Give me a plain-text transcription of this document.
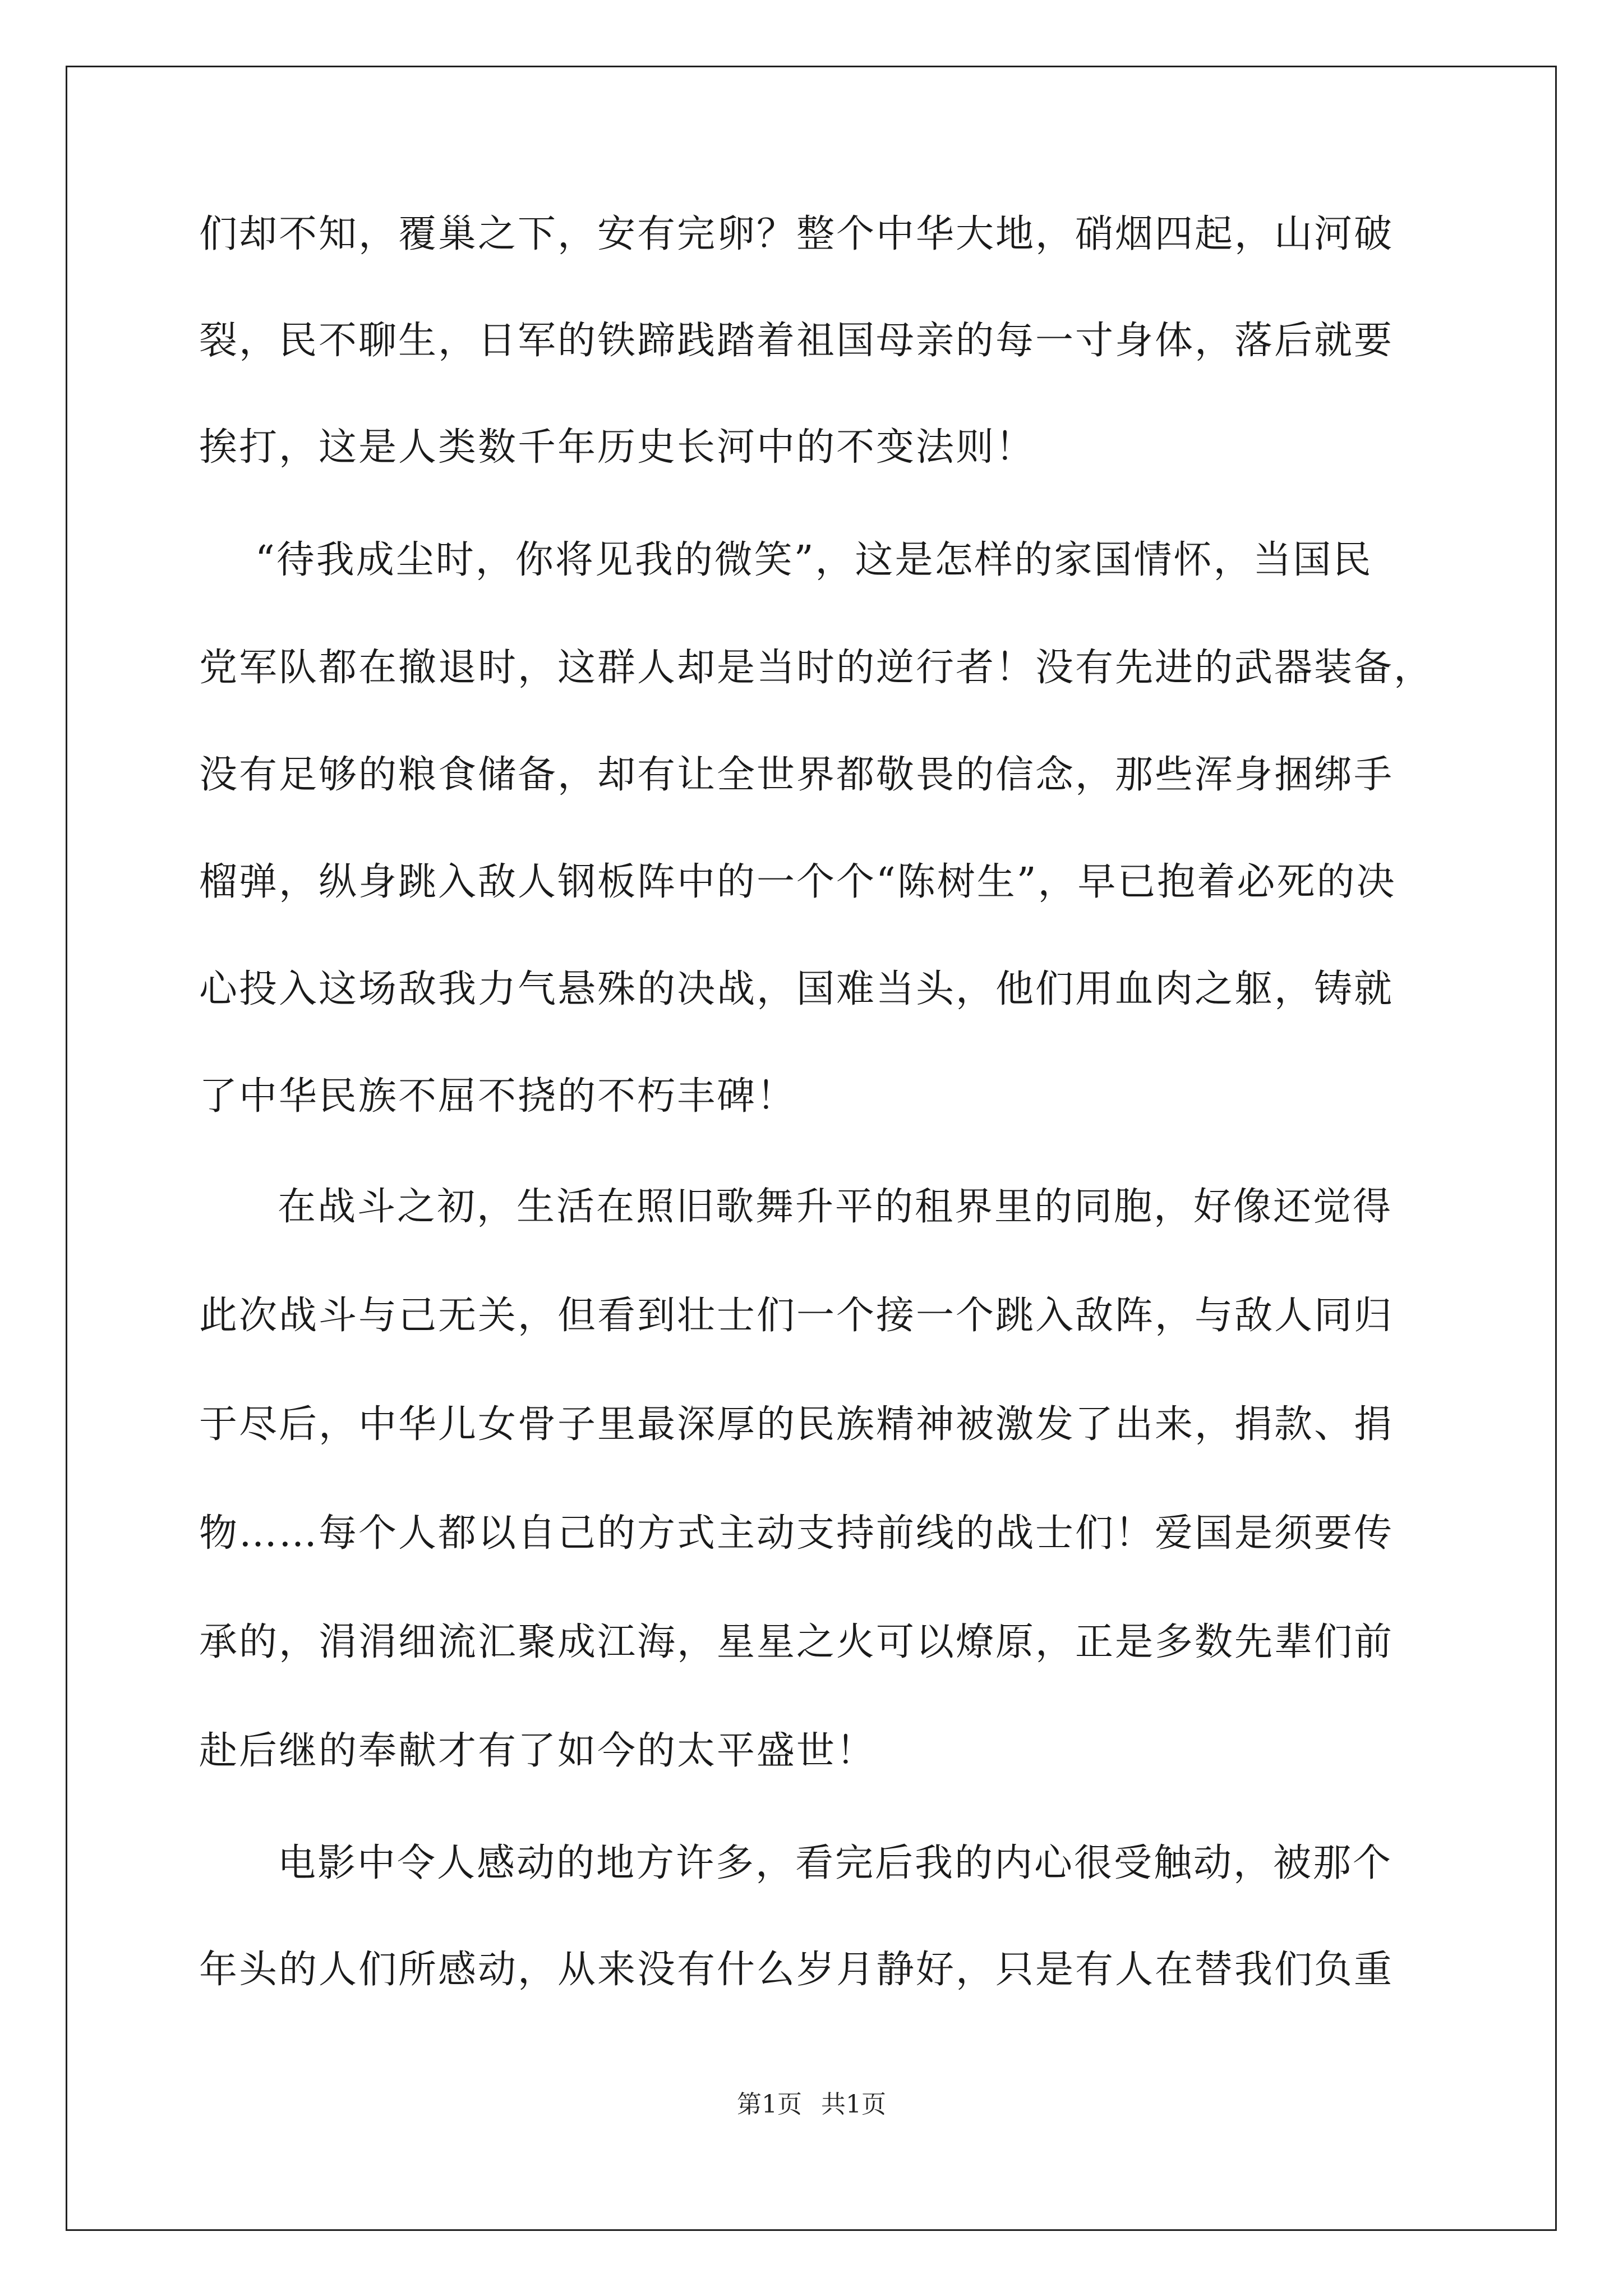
们却不知，覆巢之下，安有完卵？整个中华大地，硝烟四起，山河破
裂，民不聊生，日军的铁蹄践踏着祖国母亲的每一寸身体，落后就要
挨打，这是人类数千年历史长河中的不变法则！
“待我成尘时，你将见我的微笑”，这是怎样的家国情怀，当国民
党军队都在撤退时，这群人却是当时的逆行者！没有先进的武器装备，
没有足够的粮食储备，却有让全世界都敬畏的信念，那些浑身捆绑手
榴弹，纵身跳入敌人钢板阵中的一个个“陈树生”，早已抱着必死的决
心投入这场敌我力气悬殊的决战，国难当头，他们用血肉之躯，铸就
了中华民族不屈不挠的不朽丰碑！
在战斗之初，生活在照旧歌舞升平的租界里的同胞，好像还觉得
此次战斗与己无关，但看到壮士们一个接一个跳入敌阵，与敌人同归
于尽后，中华儿女骨子里最深厚的民族精神被激发了出来，捐款、捐
物……每个人都以自己的方式主动支持前线的战士们！爱国是须要传
承的，涓涓细流汇聚成江海，星星之火可以燎原，正是多数先辈们前
赴后继的奉献才有了如今的太平盛世！
电影中令人感动的地方许多，看完后我的内心很受触动，被那个
年头的人们所感动，从来没有什么岁月静好，只是有人在替我们负重
第1页 共1页
